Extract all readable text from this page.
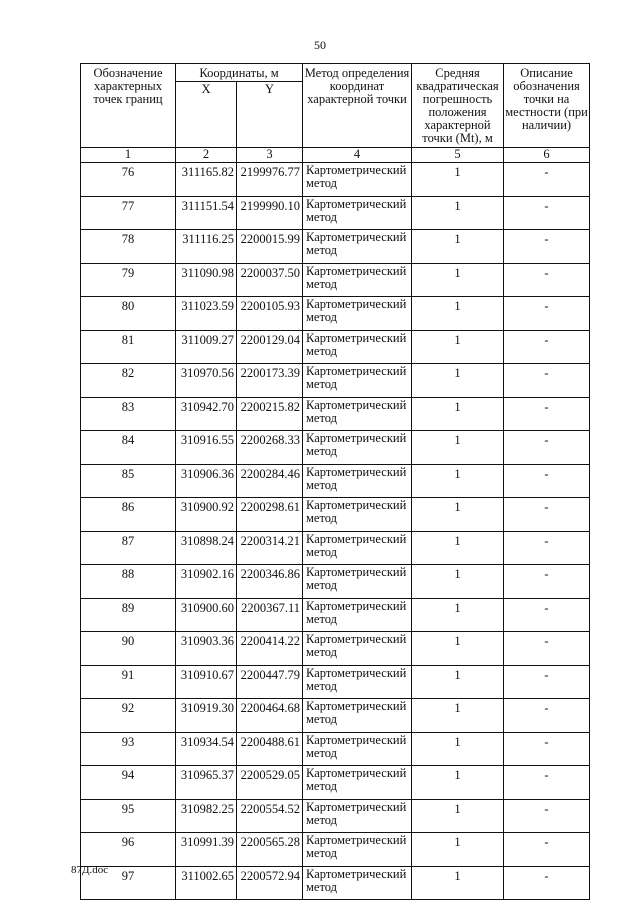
50
Обозначение характерных точек границ	Координаты, м		Метод определения координат характерной точки	Средняя квадратическая погрешность положения характерной точки (Mt), м	Описание обозначения точки на местности (при наличии)
	X	Y			
1	2	3	4	5	6
76	311165.82	2199976.77	Картометрический метод	1	-
77	311151.54	2199990.10	Картометрический метод	1	-
78	311116.25	2200015.99	Картометрический метод	1	-
79	311090.98	2200037.50	Картометрический метод	1	-
80	311023.59	2200105.93	Картометрический метод	1	-
81	311009.27	2200129.04	Картометрический метод	1	-
82	310970.56	2200173.39	Картометрический метод	1	-
83	310942.70	2200215.82	Картометрический метод	1	-
84	310916.55	2200268.33	Картометрический метод	1	-
85	310906.36	2200284.46	Картометрический метод	1	-
86	310900.92	2200298.61	Картометрический метод	1	-
87	310898.24	2200314.21	Картометрический метод	1	-
88	310902.16	2200346.86	Картометрический метод	1	-
89	310900.60	2200367.11	Картометрический метод	1	-
90	310903.36	2200414.22	Картометрический метод	1	-
91	310910.67	2200447.79	Картометрический метод	1	-
92	310919.30	2200464.68	Картометрический метод	1	-
93	310934.54	2200488.61	Картометрический метод	1	-
94	310965.37	2200529.05	Картометрический метод	1	-
95	310982.25	2200554.52	Картометрический метод	1	-
96	310991.39	2200565.28	Картометрический метод	1	-
97	311002.65	2200572.94	Картометрический метод	1	-
87Д.doc
